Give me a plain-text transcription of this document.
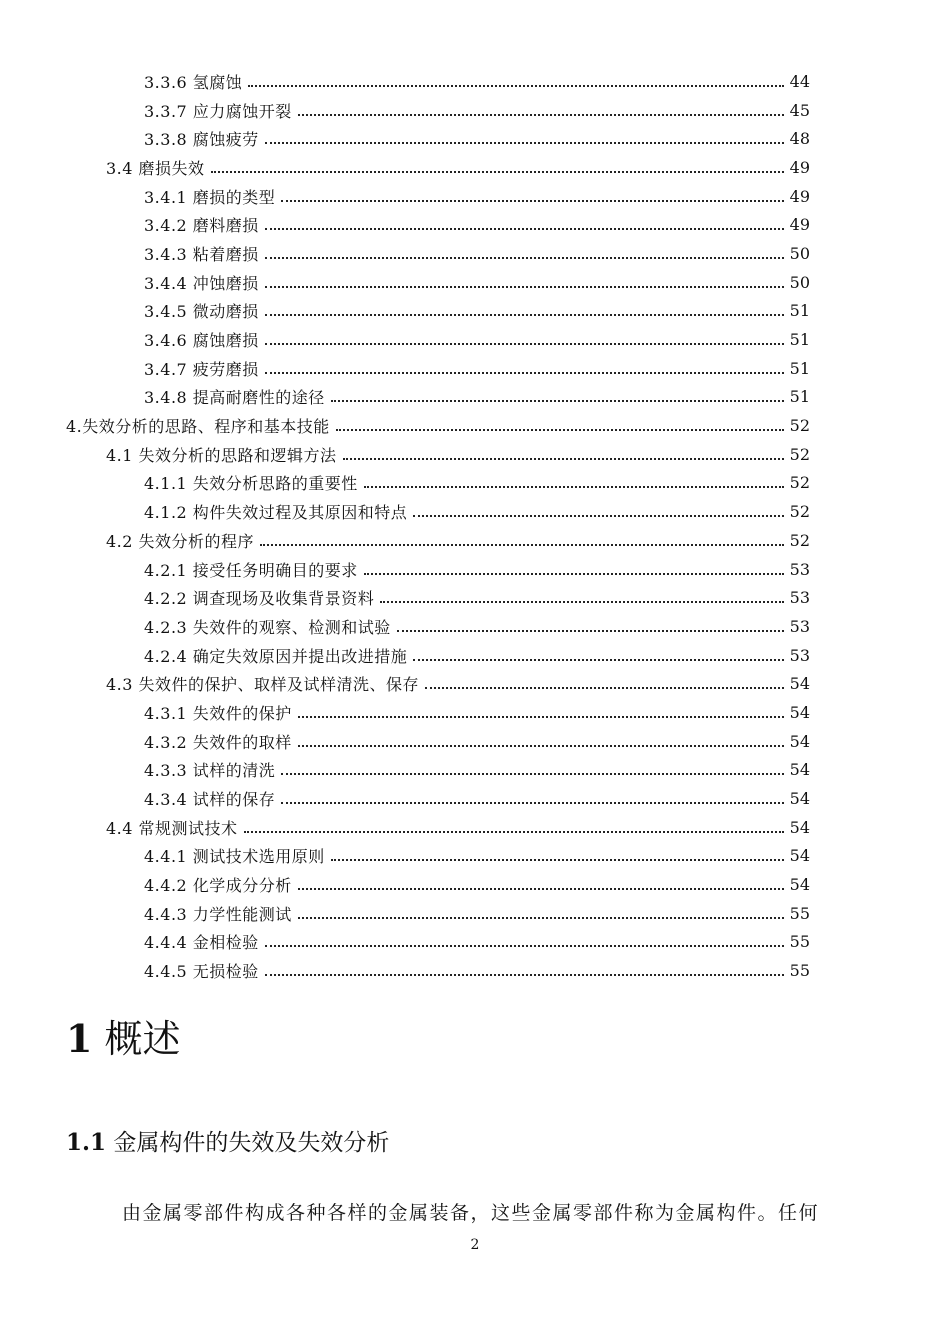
3.3.6 氢腐蚀	44
3.3.7 应力腐蚀开裂	45
3.3.8 腐蚀疲劳	48
3.4 磨损失效	49
3.4.1 磨损的类型	49
3.4.2 磨料磨损	49
3.4.3 粘着磨损	50
3.4.4 冲蚀磨损	50
3.4.5 微动磨损	51
3.4.6 腐蚀磨损	51
3.4.7 疲劳磨损	51
3.4.8 提高耐磨性的途径	51
4.失效分析的思路、程序和基本技能	52
4.1 失效分析的思路和逻辑方法	52
4.1.1 失效分析思路的重要性	52
4.1.2 构件失效过程及其原因和特点	52
4.2 失效分析的程序	52
4.2.1 接受任务明确目的要求	53
4.2.2 调查现场及收集背景资料	53
4.2.3 失效件的观察、检测和试验	53
4.2.4 确定失效原因并提出改进措施	53
4.3 失效件的保护、取样及试样清洗、保存	54
4.3.1 失效件的保护	54
4.3.2 失效件的取样	54
4.3.3 试样的清洗	54
4.3.4 试样的保存	54
4.4 常规测试技术	54
4.4.1 测试技术选用原则	54
4.4.2 化学成分分析	54
4.4.3 力学性能测试	55
4.4.4 金相检验	55
4.4.5 无损检验	55
1 概述
1.1 金属构件的失效及失效分析

由金属零部件构成各种各样的金属装备，这些金属零部件称为金属构件。任何

2
